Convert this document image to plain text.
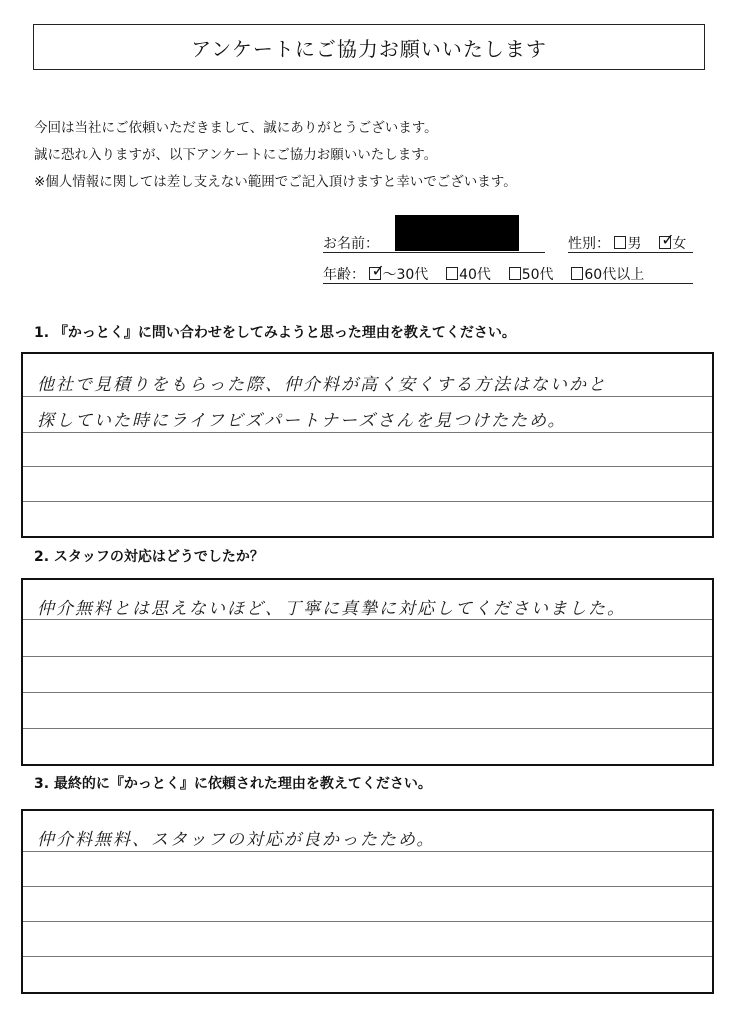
アンケートにご協力お願いいたします
今回は当社にご依頼いただきまして、誠にありがとうございます。
誠に恐れ入りますが、以下アンケートにご協力お願いいたします。
※個人情報に関しては差し支えない範囲でご記入頂けますと幸いでございます。
お名前：	性別： 男 ✓
女
年齢： ✓
〜30代 40代 50代 60代以上
1. 『かっとく』に問い合わせをしてみようと思った理由を教えてください。
他社で見積りをもらった際、仲介料が高く安くする方法はないかと
探していた時にライフビズパートナーズさんを見つけたため。
2. スタッフの対応はどうでしたか？
仲介無料とは思えないほど、丁寧に真摯に対応してくださいました。
3. 最終的に『かっとく』に依頼された理由を教えてください。
仲介料無料、スタッフの対応が良かったため。
